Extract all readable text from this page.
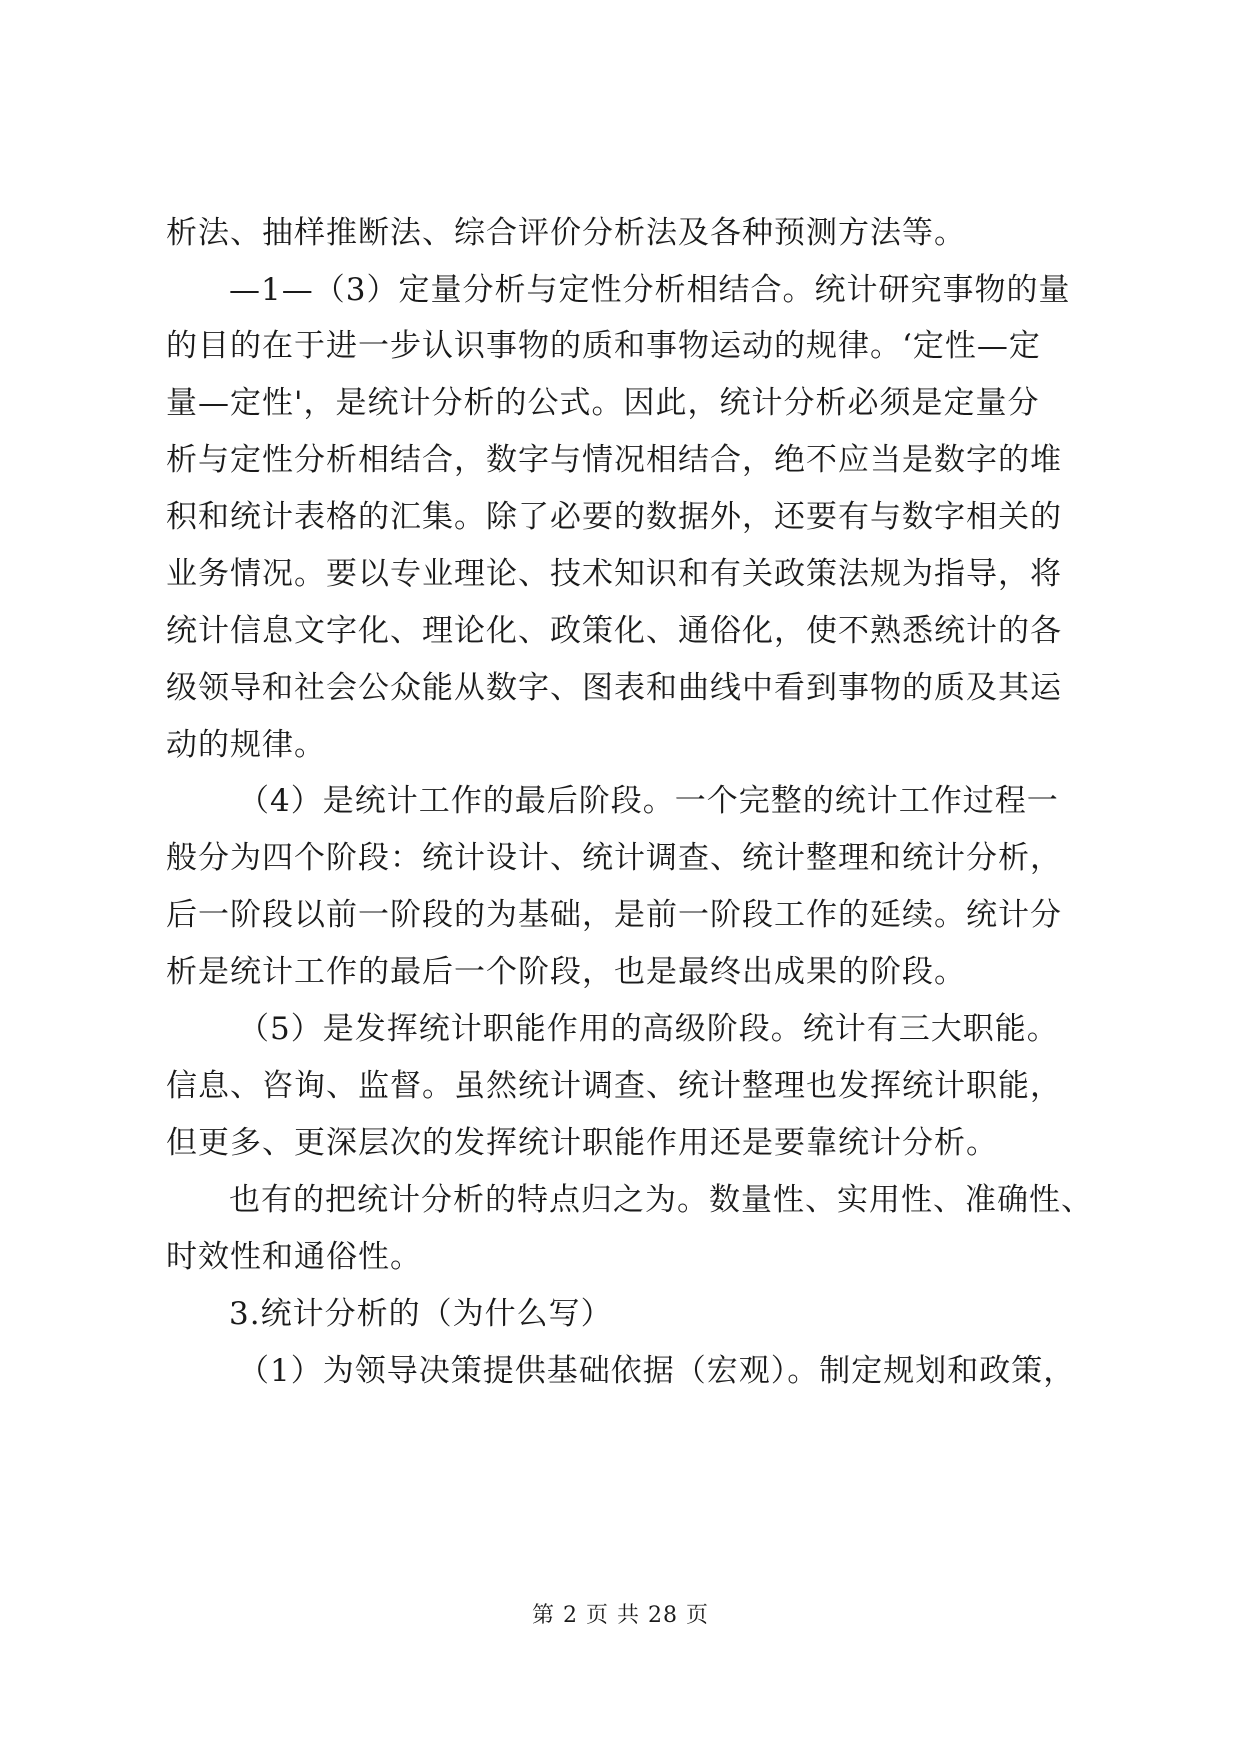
析法、抽样推断法、综合评价分析法及各种预测方法等。
—1—（3）定量分析与定性分析相结合。统计研究事物的量
的目的在于进一步认识事物的质和事物运动的规律。‘定性—定
量—定性'，是统计分析的公式。因此，统计分析必须是定量分
析与定性分析相结合，数字与情况相结合，绝不应当是数字的堆
积和统计表格的汇集。除了必要的数据外，还要有与数字相关的
业务情况。要以专业理论、技术知识和有关政策法规为指导，将
统计信息文字化、理论化、政策化、通俗化，使不熟悉统计的各
级领导和社会公众能从数字、图表和曲线中看到事物的质及其运
动的规律。
（4）是统计工作的最后阶段。一个完整的统计工作过程一
般分为四个阶段：统计设计、统计调查、统计整理和统计分析，
后一阶段以前一阶段的为基础，是前一阶段工作的延续。统计分
析是统计工作的最后一个阶段，也是最终出成果的阶段。
（5）是发挥统计职能作用的高级阶段。统计有三大职能。
信息、咨询、监督。虽然统计调查、统计整理也发挥统计职能，
但更多、更深层次的发挥统计职能作用还是要靠统计分析。
也有的把统计分析的特点归之为。数量性、实用性、准确性、
时效性和通俗性。
3.统计分析的（为什么写）
（1）为领导决策提供基础依据（宏观）。制定规划和政策，
第 2 页 共 28 页
